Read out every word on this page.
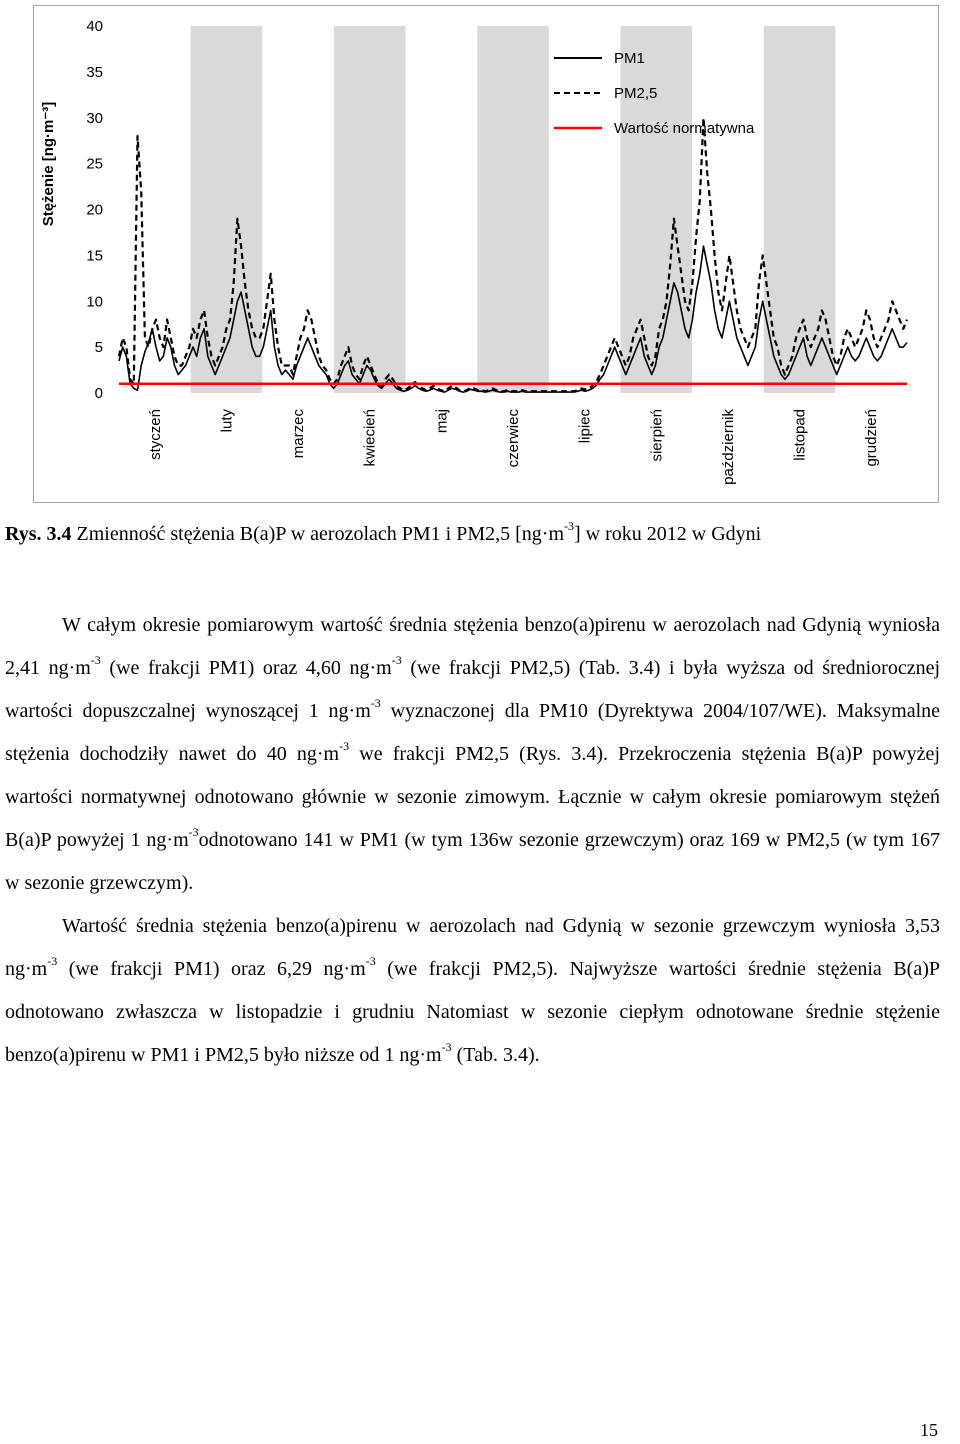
0
5
10
15
20
25
30
35
40
styczeń	luty	marzec	kwiecień	maj	czerwiec	lipiec	sierpień	październik	listopad	grudzień
PM1
PM2,5
Wartość normatywna
Stężenie [ng·m⁻³]
Rys. 3.4 Zmienność stężenia B(a)P w aerozolach PM1 i PM2,5 $[ng\cdot m^{-3}]$ w roku 2012 w Gdyni

W całym okresie pomiarowym wartość średnia stężenia benzo(a)pirenu w aerozolach nad Gdynią wyniosła 2,41 $ng\cdot m^{-3}$ (we frakcji PM1) oraz 4,60 $ng\cdot m^{-3}$ (we frakcji PM2,5) (Tab. 3.4) i była wyższa od średniorocznej wartości dopuszczalnej wynoszącej 1 $ng\cdot m^{-3}$ wyznaczonej dla PM10 (Dyrektywa 2004/107/WE). Maksymalne stężenia dochodziły nawet do 40 $ng\cdot m^{-3}$ we frakcji PM2,5 (Rys. 3.4). Przekroczenia stężenia B(a)P powyżej wartości normatywnej odnotowano głównie w sezonie zimowym. Łącznie w całym okresie pomiarowym stężeń B(a)P powyżej 1 $ng\cdot m^{-3}odnotowano$ 141 w PM1 (w tym 136w sezonie grzewczym) oraz 169 w PM2,5 (w tym 167 w sezonie grzewczym).

Wartość średnia stężenia benzo(a)pirenu w aerozolach nad Gdynią w sezonie grzewczym wyniosła 3,53 $ng\cdot m^{-3}$ (we frakcji PM1) oraz 6,29 $ng\cdot m^{-3}$ (we frakcji PM2,5). Najwyższe wartości średnie stężenia B(a)P odnotowano zwłaszcza w listopadzie i grudniu Natomiast w sezonie ciepłym odnotowane średnie stężenie benzo(a)pirenu w PM1 i PM2,5 było niższe od 1 $ng\cdot m^{-3}$ (Tab. 3.4).

15
